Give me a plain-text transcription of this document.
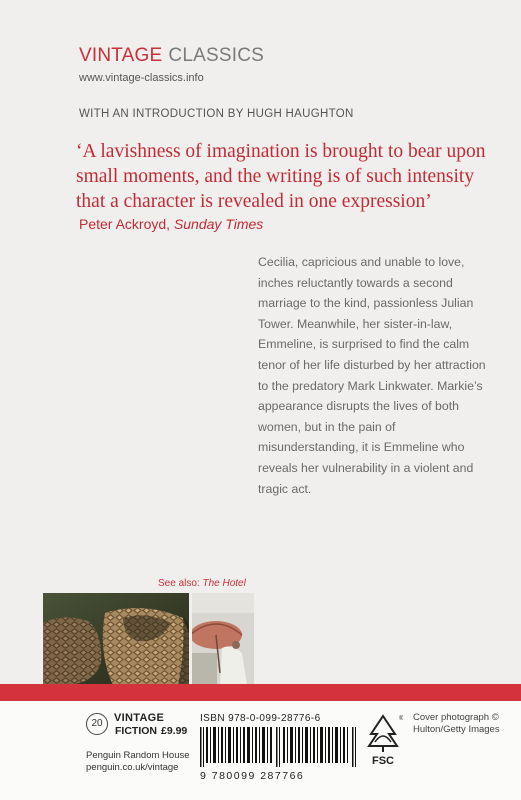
VINTAGE CLASSICS
www.vintage-classics.info
WITH AN INTRODUCTION BY HUGH HAUGHTON
‘A lavishness of imagination is brought to bear upon small moments, and the writing is of such intensity that a character is revealed in one expression’
Peter Ackroyd, Sunday Times
Cecilia, capricious and unable to love, inches reluctantly towards a second marriage to the kind, passionless Julian Tower. Meanwhile, her sister-in-law, Emmeline, is surprised to find the calm tenor of her life disturbed by her attraction to the predatory Mark Linkwater. Markie’s appearance disrupts the lives of both women, but in the pain of misunderstanding, it is Emmeline who reveals her vulnerability in a violent and tragic act.
See also: The Hotel
20	VINTAGE
FICTION £9.99
Penguin Random House
penguin.co.uk/vintage
ISBN 978-0-099-28776-6
9 780099 287766
FSC
® Cover photograph ©
Hulton/Getty Images
